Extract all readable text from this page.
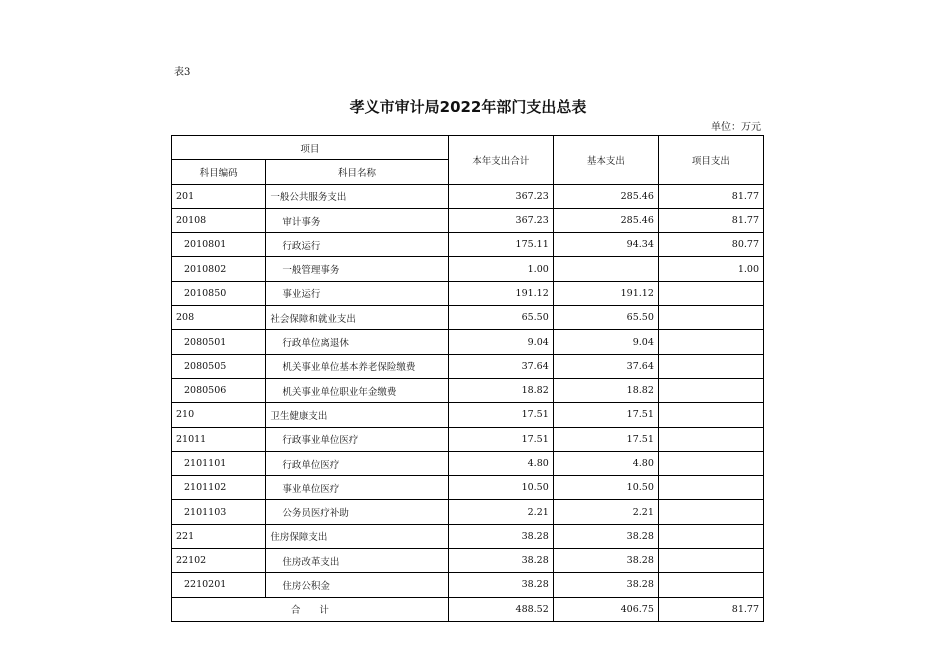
表3
孝义市审计局2022年部门支出总表
单位：万元
项目		本年支出合计	基本支出	项目支出
科目编码	科目名称			
201	一般公共服务支出	367.23	285.46	81.77
20108	审计事务	367.23	285.46	81.77
2010801	行政运行	175.11	94.34	80.77
2010802	一般管理事务	1.00		1.00
2010850	事业运行	191.12	191.12	
208	社会保障和就业支出	65.50	65.50	
2080501	行政单位离退休	9.04	9.04	
2080505	机关事业单位基本养老保险缴费	37.64	37.64	
2080506	机关事业单位职业年金缴费	18.82	18.82	
210	卫生健康支出	17.51	17.51	
21011	行政事业单位医疗	17.51	17.51	
2101101	行政单位医疗	4.80	4.80	
2101102	事业单位医疗	10.50	10.50	
2101103	公务员医疗补助	2.21	2.21	
221	住房保障支出	38.28	38.28	
22102	住房改革支出	38.28	38.28	
2210201	住房公积金	38.28	38.28	
合　　计		488.52	406.75	81.77
